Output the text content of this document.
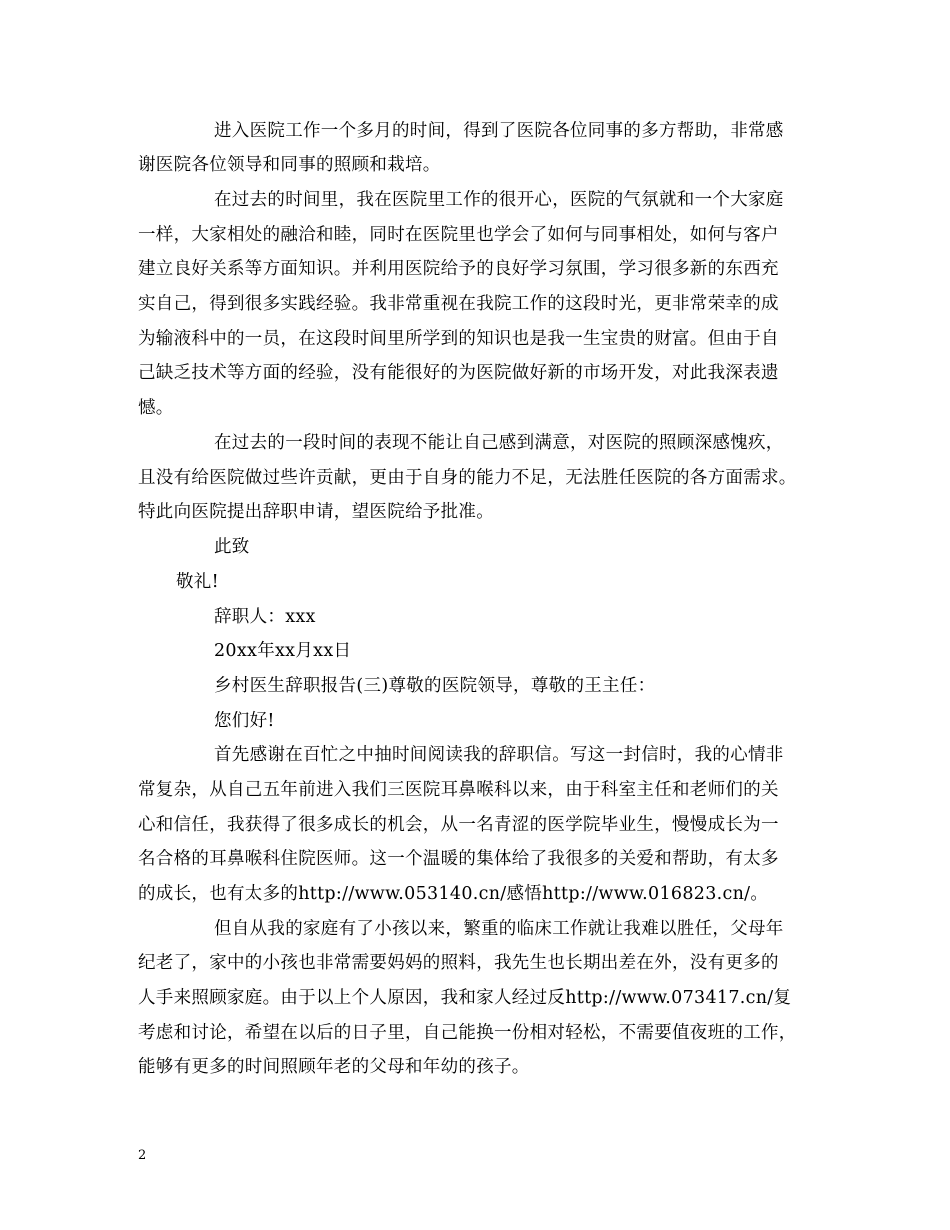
进入医院工作一个多月的时间，得到了医院各位同事的多方帮助，非常感
谢医院各位领导和同事的照顾和栽培。
在过去的时间里，我在医院里工作的很开心，医院的气氛就和一个大家庭
一样，大家相处的融洽和睦，同时在医院里也学会了如何与同事相处，如何与客户
建立良好关系等方面知识。并利用医院给予的良好学习氛围，学习很多新的东西充
实自己，得到很多实践经验。我非常重视在我院工作的这段时光，更非常荣幸的成
为输液科中的一员，在这段时间里所学到的知识也是我一生宝贵的财富。但由于自
己缺乏技术等方面的经验，没有能很好的为医院做好新的市场开发，对此我深表遗
憾。
在过去的一段时间的表现不能让自己感到满意，对医院的照顾深感愧疚，
且没有给医院做过些许贡献，更由于自身的能力不足，无法胜任医院的各方面需求。
特此向医院提出辞职申请，望医院给予批准。
此致
敬礼!
辞职人：xxx
20xx年xx月xx日
乡村医生辞职报告(三)尊敬的医院领导，尊敬的王主任：
您们好!
首先感谢在百忙之中抽时间阅读我的辞职信。写这一封信时，我的心情非
常复杂，从自己五年前进入我们三医院耳鼻喉科以来，由于科室主任和老师们的关
心和信任，我获得了很多成长的机会，从一名青涩的医学院毕业生，慢慢成长为一
名合格的耳鼻喉科住院医师。这一个温暖的集体给了我很多的关爱和帮助，有太多
的成长，也有太多的http://www.053140.cn/感悟http://www.016823.cn/。
但自从我的家庭有了小孩以来，繁重的临床工作就让我难以胜任，父母年
纪老了，家中的小孩也非常需要妈妈的照料，我先生也长期出差在外，没有更多的
人手来照顾家庭。由于以上个人原因，我和家人经过反http://www.073417.cn/复
考虑和讨论，希望在以后的日子里，自己能换一份相对轻松，不需要值夜班的工作，
能够有更多的时间照顾年老的父母和年幼的孩子。
2
